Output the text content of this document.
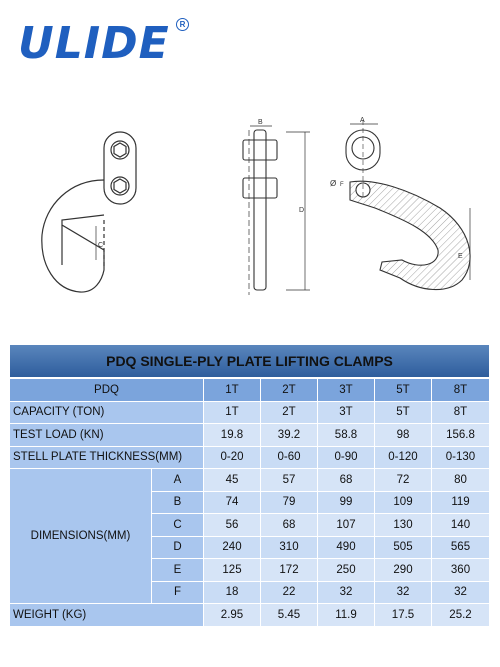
ULIDE	R
C
B
D
A
Ø F
E
PDQ SINGLE-PLY PLATE LIFTING CLAMPS						
PDQ		1T	2T	3T	5T	8T
CAPACITY (TON)		1T	2T	3T	5T	8T
TEST LOAD (KN)		19.8	39.2	58.8	98	156.8
STELL PLATE THICKNESS(MM)		0-20	0-60	0-90	0-120	0-130
DIMENSIONS(MM)	A	45	57	68	72	80
	B	74	79	99	109	119
	C	56	68	107	130	140
	D	240	310	490	505	565
	E	125	172	250	290	360
	F	18	22	32	32	32
WEIGHT (KG)		2.95	5.45	11.9	17.5	25.2
